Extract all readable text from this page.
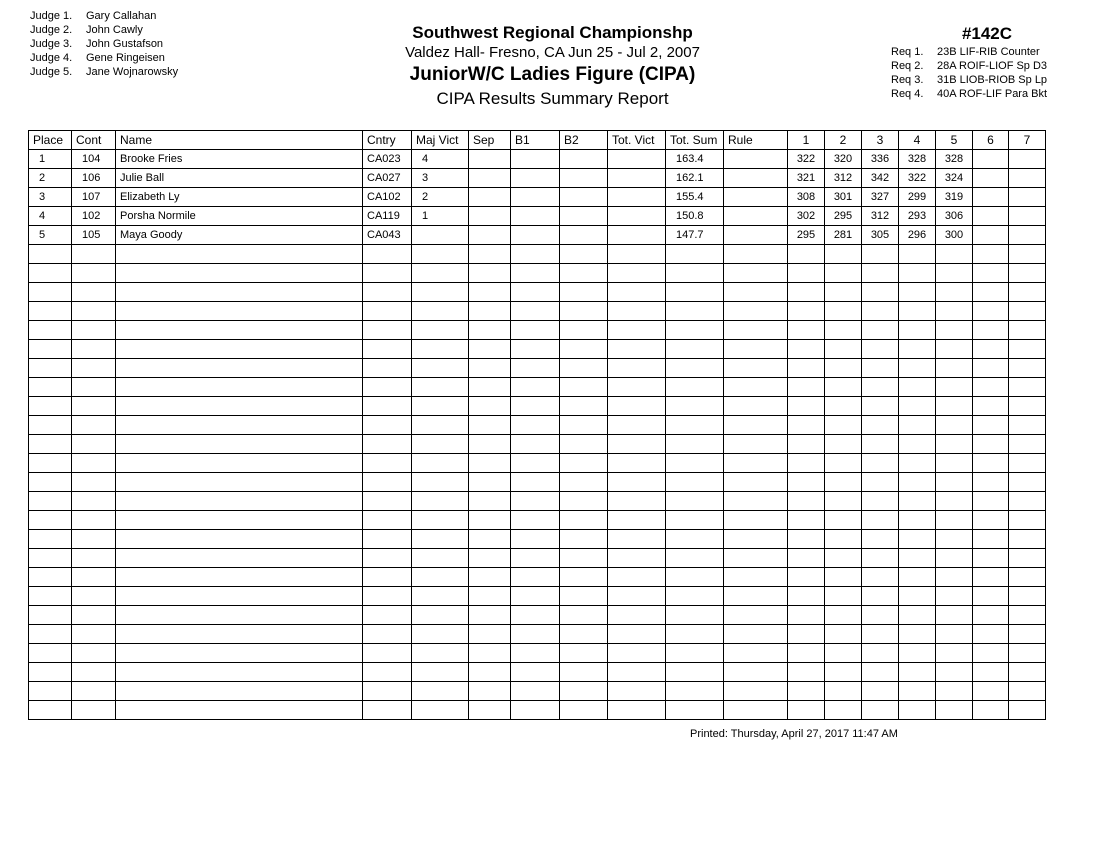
Judge 1. Gary Callahan
Judge 2. John Cawly
Judge 3. John Gustafson
Judge 4. Gene Ringeisen
Judge 5. Jane Wojnarowsky
Southwest Regional Championshp
Valdez Hall- Fresno, CA Jun 25 - Jul 2, 2007
JuniorW/C Ladies Figure (CIPA)
CIPA Results Summary Report
#142C
Req 1. 23B LIF-RIB Counter
Req 2. 28A ROIF-LIOF Sp D3
Req 3. 31B LIOB-RIOB Sp Lp
Req 4. 40A ROF-LIF Para Bkt
Place	Cont	Name	Cntry	Maj Vict	Sep	B1	B2	Tot. Vict	Tot. Sum	Rule	1	2	3	4	5	6	7
1	104	Brooke Fries	CA023	4					163.4		322	320	336	328	328		
2	106	Julie Ball	CA027	3					162.1		321	312	342	322	324		
3	107	Elizabeth Ly	CA102	2					155.4		308	301	327	299	319		
4	102	Porsha Normile	CA119	1					150.8		302	295	312	293	306		
5	105	Maya Goody	CA043						147.7		295	281	305	296	300		

Printed: Thursday, April 27, 2017 11:47 AM
